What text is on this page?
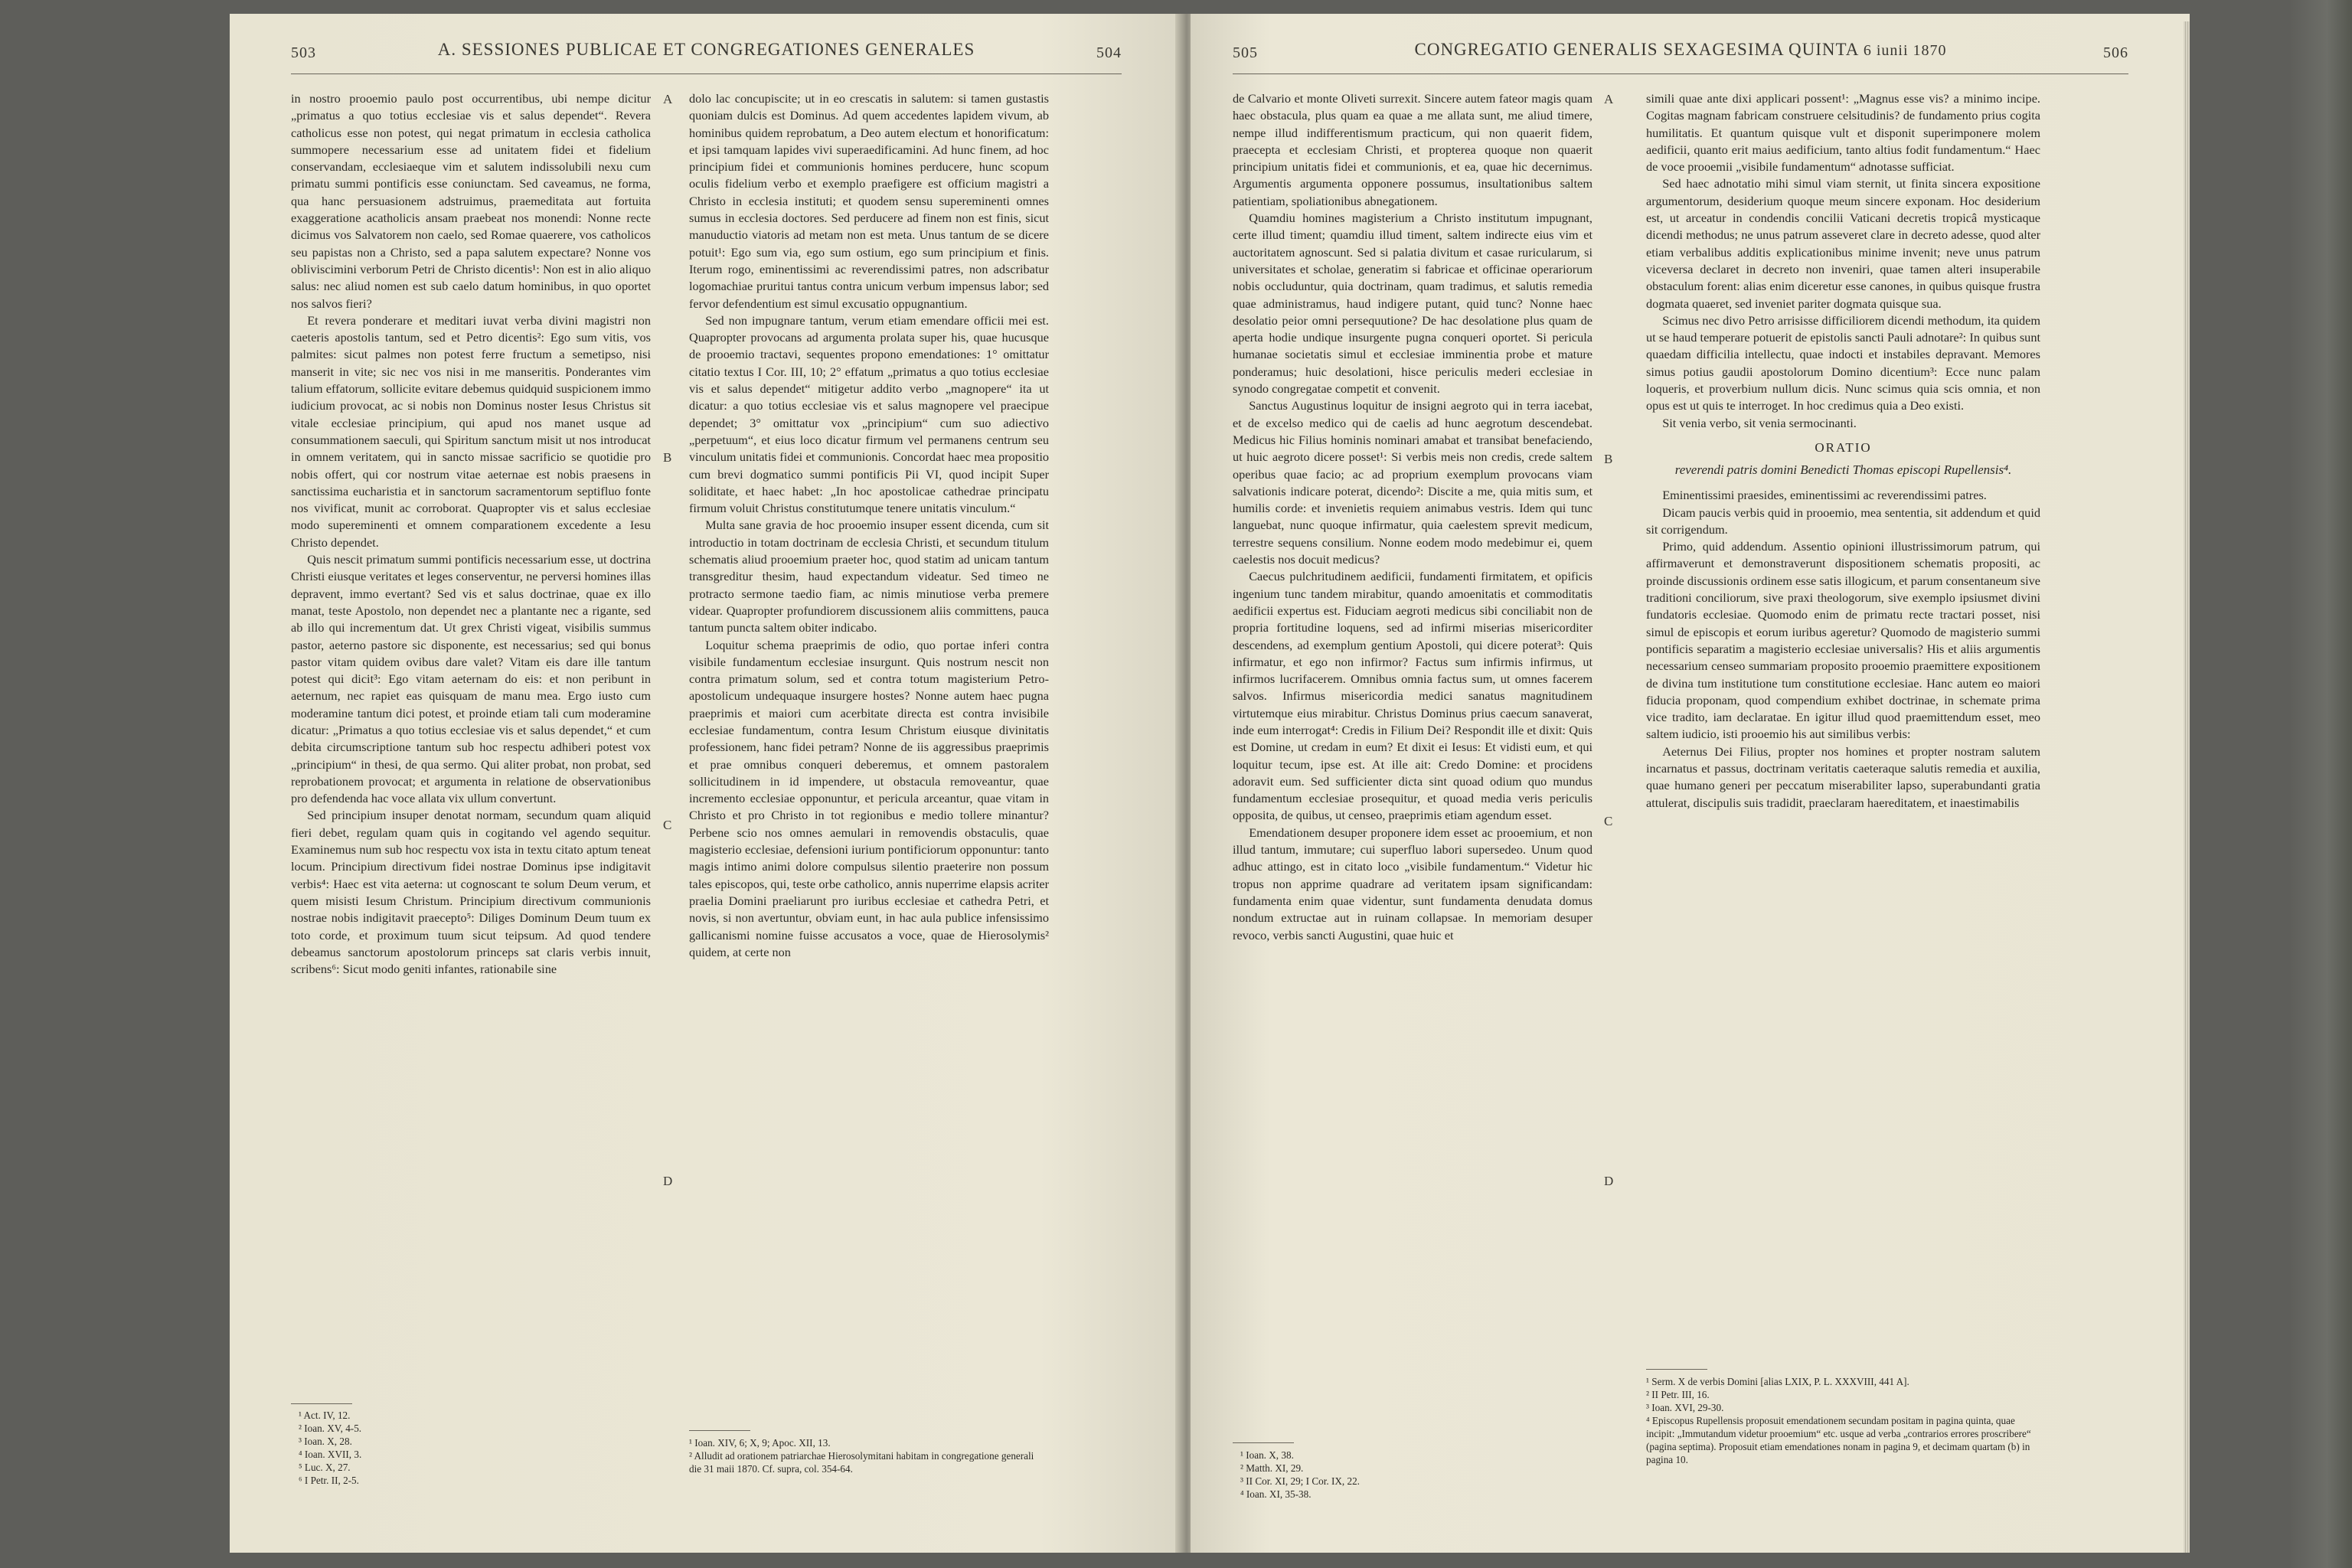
503	A. SESSIONES PUBLICAE ET CONGREGATIONES GENERALES	504

in nostro prooemio paulo post occurrentibus, ubi nempe dicitur „primatus a quo totius ecclesiae vis et salus dependet“. Revera catholicus esse non potest, qui negat primatum in ecclesia catholica summopere necessarium esse ad unitatem fidei et fidelium conservandam, ecclesiaeque vim et salutem indissolubili nexu cum primatu summi pontificis esse coniunctam. Sed caveamus, ne forma, qua hanc persuasionem adstruimus, praemeditata aut fortuita exaggeratione acatholicis ansam praebeat nos monendi: Nonne recte dicimus vos Salvatorem non caelo, sed Romae quaerere, vos catholicos seu papistas non a Christo, sed a papa salutem expectare? Nonne vos obliviscimini verborum Petri de Christo dicentis¹: Non est in alio aliquo salus: nec aliud nomen est sub caelo datum hominibus, in quo oportet nos salvos fieri?

Et revera ponderare et meditari iuvat verba divini magistri non caeteris apostolis tantum, sed et Petro dicentis²: Ego sum vitis, vos palmites: sicut palmes non potest ferre fructum a semetipso, nisi manserit in vite; sic nec vos nisi in me manseritis. Ponderantes vim talium effatorum, sollicite evitare debemus quidquid suspicionem immo iudicium provocat, ac si nobis non Dominus noster Iesus Christus sit vitale ecclesiae principium, qui apud nos manet usque ad consummationem saeculi, qui Spiritum sanctum misit ut nos introducat in omnem veritatem, qui in sancto missae sacrificio se quotidie pro nobis offert, qui cor nostrum vitae aeternae est nobis praesens in sanctissima eucharistia et in sanctorum sacramentorum septifluo fonte nos vivificat, munit ac corroborat. Quapropter vis et salus ecclesiae modo supereminenti et omnem comparationem excedente a Iesu Christo dependet.

Quis nescit primatum summi pontificis necessarium esse, ut doctrina Christi eiusque veritates et leges conserventur, ne perversi homines illas depravent, immo evertant? Sed vis et salus doctrinae, quae ex illo manat, teste Apostolo, non dependet nec a plantante nec a rigante, sed ab illo qui incrementum dat. Ut grex Christi vigeat, visibilis summus pastor, aeterno pastore sic disponente, est necessarius; sed qui bonus pastor vitam quidem ovibus dare valet? Vitam eis dare ille tantum potest qui dicit³: Ego vitam aeternam do eis: et non peribunt in aeternum, nec rapiet eas quisquam de manu mea. Ergo iusto cum moderamine tantum dici potest, et proinde etiam tali cum moderamine dicatur: „Primatus a quo totius ecclesiae vis et salus dependet,“ et cum debita circumscriptione tantum sub hoc respectu adhiberi potest vox „principium“ in thesi, de qua sermo. Qui aliter probat, non probat, sed reprobationem provocat; et argumenta in relatione de observationibus pro defendenda hac voce allata vix ullum convertunt.

Sed principium insuper denotat normam, secundum quam aliquid fieri debet, regulam quam quis in cogitando vel agendo sequitur. Examinemus num sub hoc respectu vox ista in textu citato aptum teneat locum. Principium directivum fidei nostrae Dominus ipse indigitavit verbis⁴: Haec est vita aeterna: ut cognoscant te solum Deum verum, et quem misisti Iesum Christum. Principium directivum communionis nostrae nobis indigitavit praecepto⁵: Diliges Dominum Deum tuum ex toto corde, et proximum tuum sicut teipsum. Ad quod tendere debeamus sanctorum apostolorum princeps sat claris verbis innuit, scribens⁶: Sicut modo geniti infantes, rationabile sine

A
B
C
D

dolo lac concupiscite; ut in eo crescatis in salutem: si tamen gustastis quoniam dulcis est Dominus. Ad quem accedentes lapidem vivum, ab hominibus quidem reprobatum, a Deo autem electum et honorificatum: et ipsi tamquam lapides vivi superaedificamini. Ad hunc finem, ad hoc principium fidei et communionis homines perducere, hunc scopum oculis fidelium verbo et exemplo praefigere est officium magistri a Christo in ecclesia instituti; et quodem sensu supereminenti omnes sumus in ecclesia doctores. Sed perducere ad finem non est finis, sicut manuductio viatoris ad metam non est meta. Unus tantum de se dicere potuit¹: Ego sum via, ego sum ostium, ego sum principium et finis. Iterum rogo, eminentissimi ac reverendissimi patres, non adscribatur logomachiae pruritui tantus contra unicum verbum impensus labor; sed fervor defendentium est simul excusatio oppugnantium.

Sed non impugnare tantum, verum etiam emendare officii mei est. Quapropter provocans ad argumenta prolata super his, quae hucusque de prooemio tractavi, sequentes propono emendationes: 1° omittatur citatio textus I Cor. III, 10; 2° effatum „primatus a quo totius ecclesiae vis et salus dependet“ mitigetur addito verbo „magnopere“ ita ut dicatur: a quo totius ecclesiae vis et salus magnopere vel praecipue dependet; 3° omittatur vox „principium“ cum suo adiectivo „perpetuum“, et eius loco dicatur firmum vel permanens centrum seu vinculum unitatis fidei et communionis. Concordat haec mea propositio cum brevi dogmatico summi pontificis Pii VI, quod incipit Super soliditate, et haec habet: „In hoc apostolicae cathedrae principatu firmum voluit Christus constitutumque tenere unitatis vinculum.“

Multa sane gravia de hoc prooemio insuper essent dicenda, cum sit introductio in totam doctrinam de ecclesia Christi, et secundum titulum schematis aliud prooemium praeter hoc, quod statim ad unicam tantum transgreditur thesim, haud expectandum videatur. Sed timeo ne protracto sermone taedio fiam, ac nimis minutiose verba premere videar. Quapropter profundiorem discussionem aliis committens, pauca tantum puncta saltem obiter indicabo.

Loquitur schema praeprimis de odio, quo portae inferi contra visibile fundamentum ecclesiae insurgunt. Quis nostrum nescit non contra primatum solum, sed et contra totum magisterium Petro-apostolicum undequaque insurgere hostes? Nonne autem haec pugna praeprimis et maiori cum acerbitate directa est contra invisibile ecclesiae fundamentum, contra Iesum Christum eiusque divinitatis professionem, hanc fidei petram? Nonne de iis aggressibus praeprimis et prae omnibus conqueri deberemus, et omnem pastoralem sollicitudinem in id impendere, ut obstacula removeantur, quae incremento ecclesiae opponuntur, et pericula arceantur, quae vitam in Christo et pro Christo in tot regionibus e medio tollere minantur? Perbene scio nos omnes aemulari in removendis obstaculis, quae magisterio ecclesiae, defensioni iurium pontificiorum opponuntur: tanto magis intimo animi dolore compulsus silentio praeterire non possum tales episcopos, qui, teste orbe catholico, annis nuperrime elapsis acriter praelia Domini praeliarunt pro iuribus ecclesiae et cathedra Petri, et novis, si non avertuntur, obviam eunt, in hac aula publice infensissimo gallicanismi nomine fuisse accusatos a voce, quae de Hierosolymis² quidem, at certe non

¹ Act. IV, 12.
² Ioan. XV, 4-5.
³ Ioan. X, 28.
⁴ Ioan. XVII, 3.
⁵ Luc. X, 27.
⁶ I Petr. II, 2-5.
¹ Ioan. XIV, 6; X, 9; Apoc. XII, 13.
² Alludit ad orationem patriarchae Hierosolymitani habitam in congregatione generali die 31 maii 1870. Cf. supra, col. 354-64.
505	CONGREGATIO GENERALIS SEXAGESIMA QUINTA 6 iunii 1870	506

de Calvario et monte Oliveti surrexit. Sincere autem fateor magis quam haec obstacula, plus quam ea quae a me allata sunt, me aliud timere, nempe illud indifferentismum practicum, qui non quaerit fidem, praecepta et ecclesiam Christi, et propterea quoque non quaerit principium unitatis fidei et communionis, et ea, quae hic decernimus. Argumentis argumenta opponere possumus, insultationibus saltem patientiam, spoliationibus abnegationem.

Quamdiu homines magisterium a Christo institutum impugnant, certe illud timent; quamdiu illud timent, saltem indirecte eius vim et auctoritatem agnoscunt. Sed si palatia divitum et casae ruricularum, si universitates et scholae, generatim si fabricae et officinae operariorum nobis occluduntur, quia doctrinam, quam tradimus, et salutis remedia quae administramus, haud indigere putant, quid tunc? Nonne haec desolatio peior omni persequutione? De hac desolatione plus quam de aperta hodie undique insurgente pugna conqueri oportet. Si pericula humanae societatis simul et ecclesiae imminentia probe et mature ponderamus; huic desolationi, hisce periculis mederi ecclesiae in synodo congregatae competit et convenit.

Sanctus Augustinus loquitur de insigni aegroto qui in terra iacebat, et de excelso medico qui de caelis ad hunc aegrotum descendebat. Medicus hic Filius hominis nominari amabat et transibat benefaciendo, ut huic aegroto dicere posset¹: Si verbis meis non credis, crede saltem operibus quae facio; ac ad proprium exemplum provocans viam salvationis indicare poterat, dicendo²: Discite a me, quia mitis sum, et humilis corde: et invenietis requiem animabus vestris. Idem qui tunc languebat, nunc quoque infirmatur, quia caelestem sprevit medicum, terrestre sequens consilium. Nonne eodem modo medebimur ei, quem caelestis nos docuit medicus?

Caecus pulchritudinem aedificii, fundamenti firmitatem, et opificis ingenium tunc tandem mirabitur, quando amoenitatis et commoditatis aedificii expertus est. Fiduciam aegroti medicus sibi conciliabit non de propria fortitudine loquens, sed ad infirmi miserias misericorditer descendens, ad exemplum gentium Apostoli, qui dicere poterat³: Quis infirmatur, et ego non infirmor? Factus sum infirmis infirmus, ut infirmos lucrifacerem. Omnibus omnia factus sum, ut omnes facerem salvos. Infirmus misericordia medici sanatus magnitudinem virtutemque eius mirabitur. Christus Dominus prius caecum sanaverat, inde eum interrogat⁴: Credis in Filium Dei? Respondit ille et dixit: Quis est Domine, ut credam in eum? Et dixit ei Iesus: Et vidisti eum, et qui loquitur tecum, ipse est. At ille ait: Credo Domine: et procidens adoravit eum. Sed sufficienter dicta sint quoad odium quo mundus fundamentum ecclesiae prosequitur, et quoad media veris periculis opposita, de quibus, ut censeo, praeprimis etiam agendum esset.

Emendationem desuper proponere idem esset ac prooemium, et non illud tantum, immutare; cui superfluo labori supersedeo. Unum quod adhuc attingo, est in citato loco „visibile fundamentum.“ Videtur hic tropus non apprime quadrare ad veritatem ipsam significandam: fundamenta enim quae videntur, sunt fundamenta denudata domus nondum extructae aut in ruinam collapsae. In memoriam desuper revoco, verbis sancti Augustini, quae huic et

A
B
C
D

simili quae ante dixi applicari possent¹: „Magnus esse vis? a minimo incipe. Cogitas magnam fabricam construere celsitudinis? de fundamento prius cogita humilitatis. Et quantum quisque vult et disponit superimponere molem aedificii, quanto erit maius aedificium, tanto altius fodit fundamentum.“ Haec de voce prooemii „visibile fundamentum“ adnotasse sufficiat.

Sed haec adnotatio mihi simul viam sternit, ut finita sincera expositione argumentorum, desiderium quoque meum sincere exponam. Hoc desiderium est, ut arceatur in condendis concilii Vaticani decretis tropicâ mysticaque dicendi methodus; ne unus patrum asseveret clare in decreto adesse, quod alter etiam verbalibus additis explicationibus minime invenit; neve unus patrum viceversa declaret in decreto non inveniri, quae tamen alteri insuperabile obstaculum forent: alias enim diceretur esse canones, in quibus quisque frustra dogmata quaeret, sed inveniet pariter dogmata quisque sua.

Scimus nec divo Petro arrisisse difficiliorem dicendi methodum, ita quidem ut se haud temperare potuerit de epistolis sancti Pauli adnotare²: In quibus sunt quaedam difficilia intellectu, quae indocti et instabiles depravant. Memores simus potius gaudii apostolorum Domino dicentium³: Ecce nunc palam loqueris, et proverbium nullum dicis. Nunc scimus quia scis omnia, et non opus est ut quis te interroget. In hoc credimus quia a Deo existi.

Sit venia verbo, sit venia sermocinanti.

ORATIO

reverendi patris domini Benedicti Thomas episcopi Rupellensis⁴.

Eminentissimi praesides, eminentissimi ac reverendissimi patres.

Dicam paucis verbis quid in prooemio, mea sententia, sit addendum et quid sit corrigendum.

Primo, quid addendum. Assentio opinioni illustrissimorum patrum, qui affirmaverunt et demonstraverunt dispositionem schematis propositi, ac proinde discussionis ordinem esse satis illogicum, et parum consentaneum sive traditioni conciliorum, sive praxi theologorum, sive exemplo ipsiusmet divini fundatoris ecclesiae. Quomodo enim de primatu recte tractari posset, nisi simul de episcopis et eorum iuribus ageretur? Quomodo de magisterio summi pontificis separatim a magisterio ecclesiae universalis? His et aliis argumentis necessarium censeo summariam proposito prooemio praemittere expositionem de divina tum institutione tum constitutione ecclesiae. Hanc autem eo maiori fiducia proponam, quod compendium exhibet doctrinae, in schemate prima vice tradito, iam declaratae. En igitur illud quod praemittendum esset, meo saltem iudicio, isti prooemio his aut similibus verbis:

Aeternus Dei Filius, propter nos homines et propter nostram salutem incarnatus et passus, doctrinam veritatis caeteraque salutis remedia et auxilia, quae humano generi per peccatum miserabiliter lapso, superabundanti gratia attulerat, discipulis suis tradidit, praeclaram haereditatem, et inaestimabilis

¹ Ioan. X, 38.
² Matth. XI, 29.
³ II Cor. XI, 29; I Cor. IX, 22.
⁴ Ioan. XI, 35-38.
¹ Serm. X de verbis Domini [alias LXIX, P. L. XXXVIII, 441 A].
² II Petr. III, 16.
³ Ioan. XVI, 29-30.
⁴ Episcopus Rupellensis proposuit emendationem secundam positam in pagina quinta, quae incipit: „Immutandum videtur prooemium“ etc. usque ad verba „contrarios errores proscribere“ (pagina septima). Proposuit etiam emendationes nonam in pagina 9, et decimam quartam (b) in pagina 10.
